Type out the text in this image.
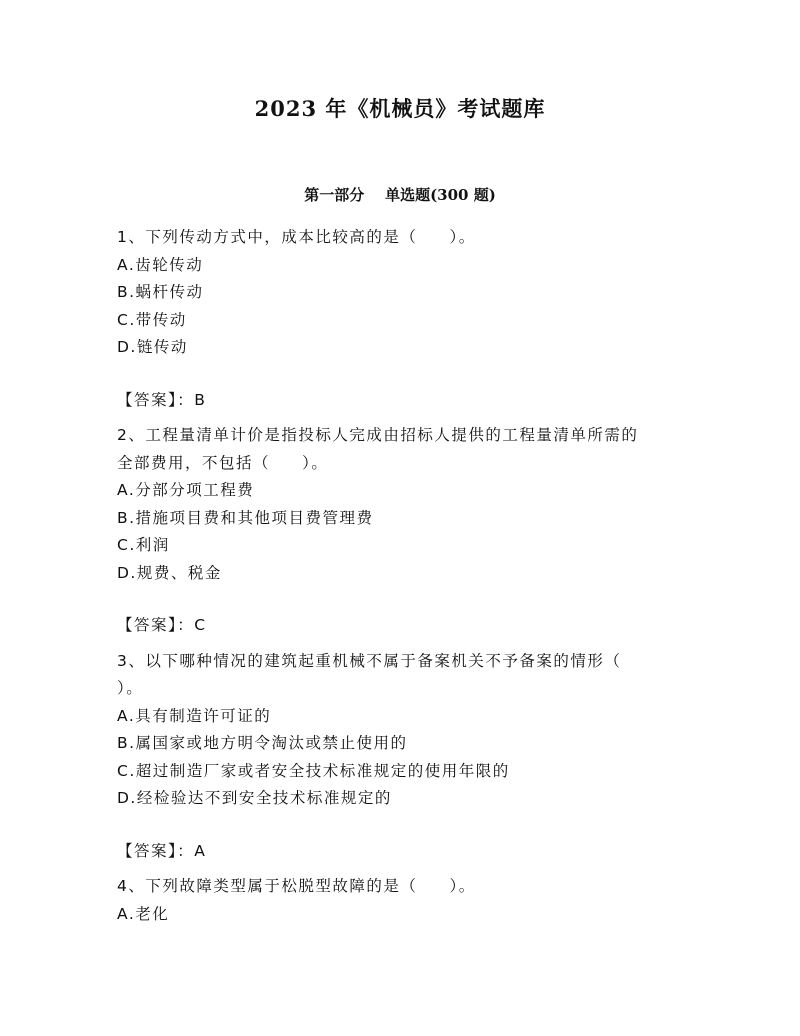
2023 年《机械员》考试题库
第一部分    单选题(300 题)
1、下列传动方式中，成本比较高的是（     ）。
A.齿轮传动
B.蜗杆传动
C.带传动
D.链传动
【答案】：B
2、工程量清单计价是指投标人完成由招标人提供的工程量清单所需的
全部费用，不包括（     ）。
A.分部分项工程费
B.措施项目费和其他项目费管理费
C.利润
D.规费、税金
【答案】：C
3、以下哪种情况的建筑起重机械不属于备案机关不予备案的情形（
）。
A.具有制造许可证的
B.属国家或地方明令淘汰或禁止使用的
C.超过制造厂家或者安全技术标准规定的使用年限的
D.经检验达不到安全技术标准规定的
【答案】：A
4、下列故障类型属于松脱型故障的是（     ）。
A.老化
